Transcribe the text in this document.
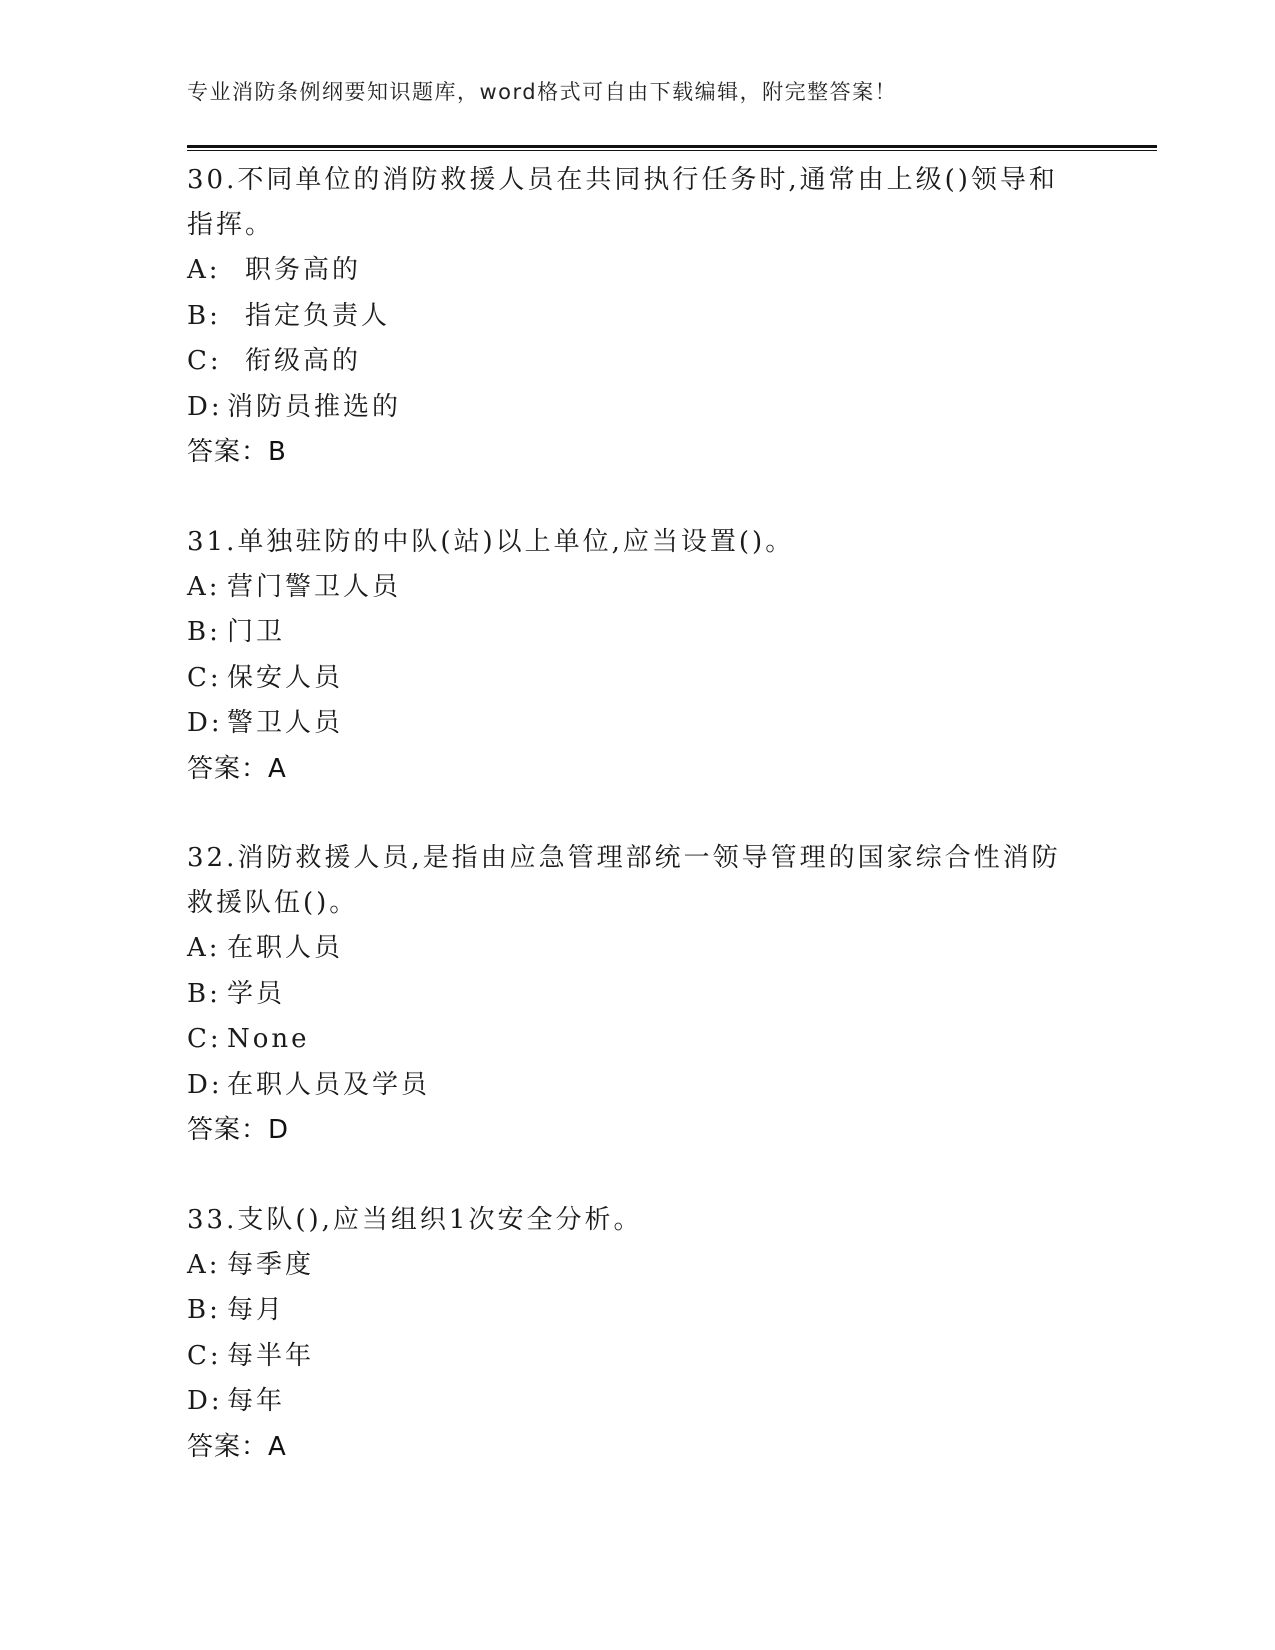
专业消防条例纲要知识题库，word格式可自由下载编辑，附完整答案！

30.不同单位的消防救援人员在共同执行任务时,通常由上级()领导和指挥。

A: 职务高的
B: 指定负责人
C: 衔级高的
D: 消防员推选的
答案：B

31.单独驻防的中队(站)以上单位,应当设置()。

A: 营门警卫人员
B: 门卫
C: 保安人员
D: 警卫人员
答案：A

32.消防救援人员,是指由应急管理部统一领导管理的国家综合性消防救援队伍()。

A: 在职人员
B: 学员
C: None
D: 在职人员及学员
答案：D

33.支队(),应当组织1次安全分析。

A: 每季度
B: 每月
C: 每半年
D: 每年
答案：A
